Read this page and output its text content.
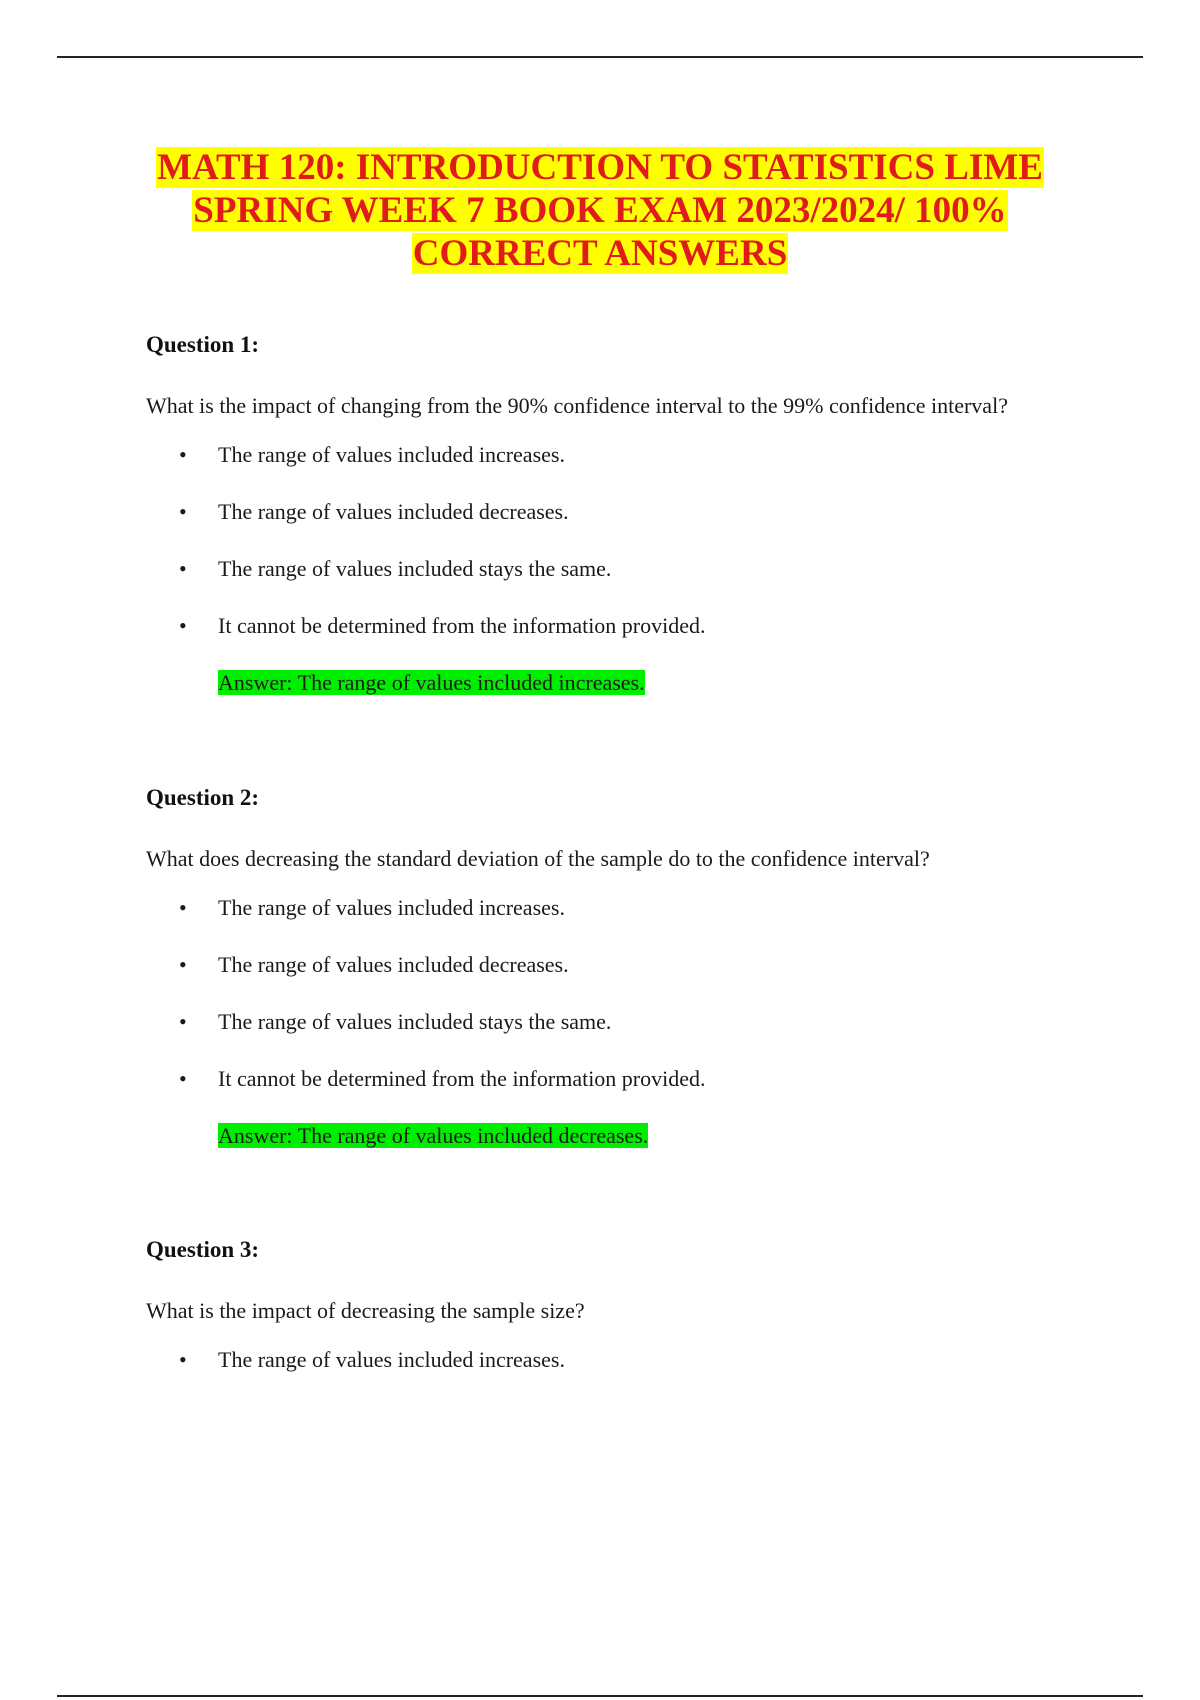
MATH 120: INTRODUCTION TO STATISTICS LIME
SPRING WEEK 7 BOOK EXAM 2023/2024/ 100%
CORRECT ANSWERS
Question 1:
What is the impact of changing from the 90% confidence interval to the 99% confidence interval?
• The range of values included increases.
• The range of values included decreases.
• The range of values included stays the same.
• It cannot be determined from the information provided.
Answer: The range of values included increases.
Question 2:
What does decreasing the standard deviation of the sample do to the confidence interval?
• The range of values included increases.
• The range of values included decreases.
• The range of values included stays the same.
• It cannot be determined from the information provided.
Answer: The range of values included decreases.
Question 3:
What is the impact of decreasing the sample size?
• The range of values included increases.
